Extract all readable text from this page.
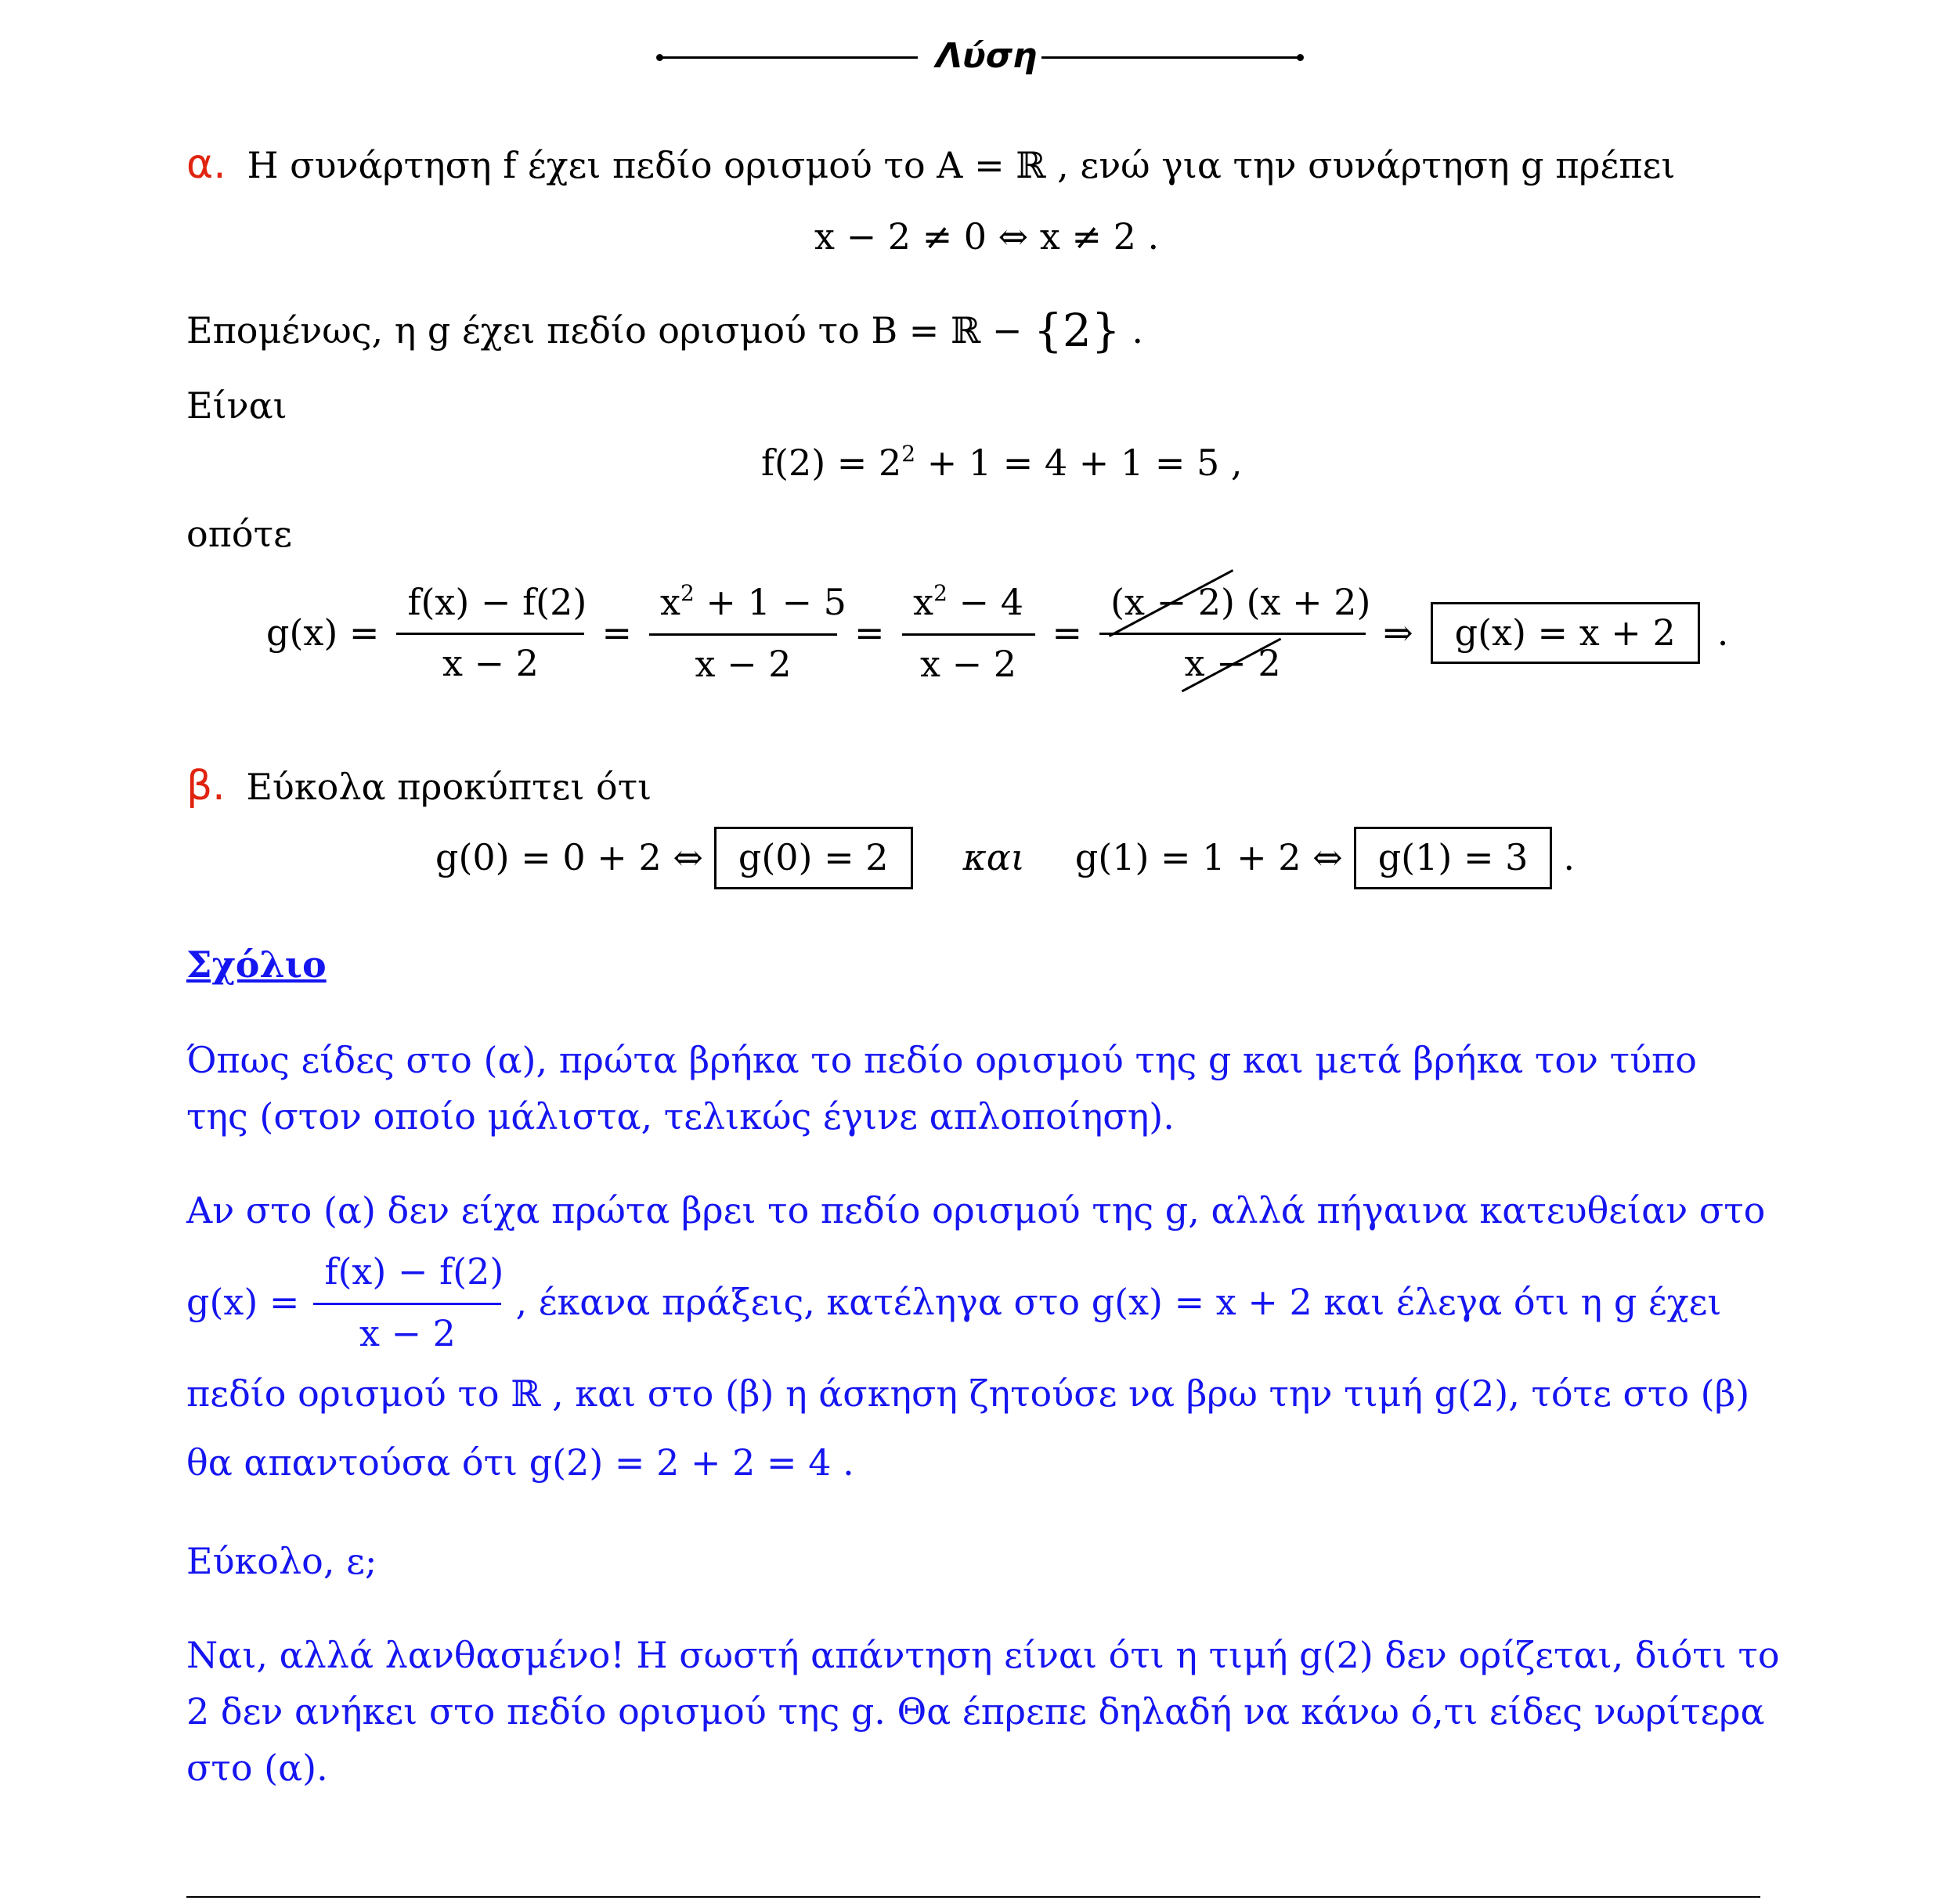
Λύση
α. Η συνάρτηση f έχει πεδίο ορισμού το A = ℝ , ενώ για την συνάρτηση g πρέπει
x − 2 ≠ 0 ⇔ x ≠ 2 .
Επομένως, η g έχει πεδίο ορισμού το B = ℝ − {2} .
Είναι
$f(2) = 2^2 + 1 = 4 + 1 = 5$ ,
οπότε
$g(x) = \frac{f(x) - f(2)}{x - 2} = \frac{x^2 + 1 - 5}{x - 2} = \frac{x^2 - 4}{x - 2} = \frac{(x - 2) (x + 2)}{x - 2}$ ⇒	g(x) = x + 2	.
β. Εύκολα προκύπτει ότι
g(0) = 0 + 2 ⇔ g(0) = 2	και g(1) = 1 + 2 ⇔ g(1) = 3 .
Σχόλιο
Όπως είδες στο (α), πρώτα βρήκα το πεδίο ορισμού της g και μετά βρήκα τον τύπο
της (στον οποίο μάλιστα, τελικώς έγινε απλοποίηση).
Αν στο (α) δεν είχα πρώτα βρει το πεδίο ορισμού της g, αλλά πήγαινα κατευθείαν στο
$g(x) = \frac{f(x) - f(2)}{x - 2}$ , έκανα πράξεις, κατέληγα στο g(x) = x + 2 και έλεγα ότι η g έχει
πεδίο ορισμού το ℝ , και στο (β) η άσκηση ζητούσε να βρω την τιμή g(2), τότε στο (β)
θα απαντούσα ότι g(2) = 2 + 2 = 4 .
Εύκολο, ε;
Ναι, αλλά λανθασμένο! Η σωστή απάντηση είναι ότι η τιμή g(2) δεν ορίζεται, διότι το
2 δεν ανήκει στο πεδίο ορισμού της g. Θα έπρεπε δηλαδή να κάνω ό,τι είδες νωρίτερα
στο (α).
